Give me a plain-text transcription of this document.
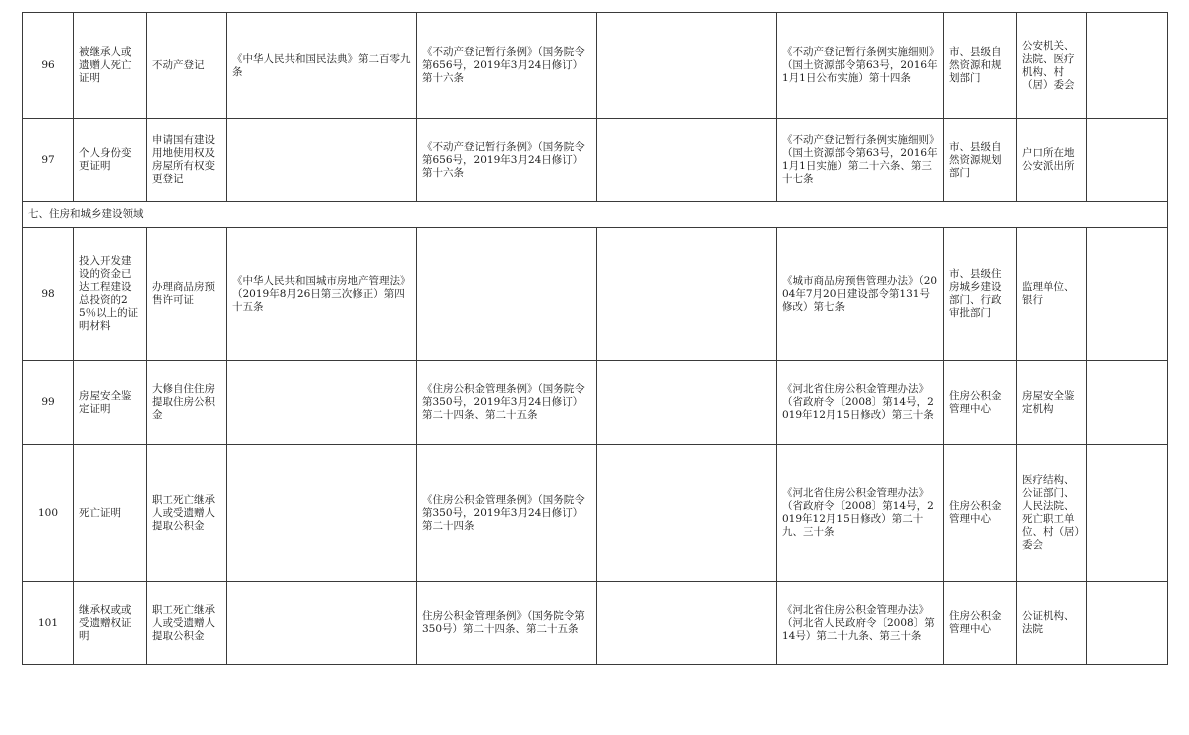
96	被继承人或遗赠人死亡证明	不动产登记	《中华人民共和国民法典》第二百零九条	《不动产登记暂行条例》（国务院令第656号，2019年3月24日修订）第十六条		《不动产登记暂行条例实施细则》（国土资源部令第63号，2016年1月1日公布实施）第十四条	市、县级自然资源和规划部门	公安机关、法院、医疗机构、村（居）委会	
97	个人身份变更证明	申请国有建设用地使用权及房屋所有权变更登记		《不动产登记暂行条例》（国务院令第656号，2019年3月24日修订）第十六条		《不动产登记暂行条例实施细则》（国土资源部令第63号，2016年1月1日实施）第二十六条、第三十七条	市、县级自然资源规划部门	户口所在地公安派出所	
七、住房和城乡建设领域									
98	投入开发建设的资金已达工程建设总投资的25％以上的证明材料	办理商品房预售许可证	《中华人民共和国城市房地产管理法》（2019年8月26日第三次修正）第四十五条			《城市商品房预售管理办法》（2004年7月20日建设部令第131号修改）第七条	市、县级住房城乡建设部门、行政审批部门	监理单位、银行	
99	房屋安全鉴定证明	大修自住住房提取住房公积金		《住房公积金管理条例》（国务院令第350号，2019年3月24日修订）第二十四条、第二十五条		《河北省住房公积金管理办法》（省政府令〔2008〕第14号，2019年12月15日修改）第三十条	住房公积金管理中心	房屋安全鉴定机构	
100	死亡证明	职工死亡继承人或受遗赠人提取公积金		《住房公积金管理条例》（国务院令第350号，2019年3月24日修订）第二十四条		《河北省住房公积金管理办法》（省政府令〔2008〕第14号，2019年12月15日修改）第二十九、三十条	住房公积金管理中心	医疗结构、公证部门、人民法院、死亡职工单位、村（居）委会	
101	继承权或或受遗赠权证明	职工死亡继承人或受遗赠人提取公积金		住房公积金管理条例》（国务院令第350号）第二十四条、第二十五条		《河北省住房公积金管理办法》（河北省人民政府令〔2008〕第14号）第二十九条、第三十条	住房公积金管理中心	公证机构、法院	
